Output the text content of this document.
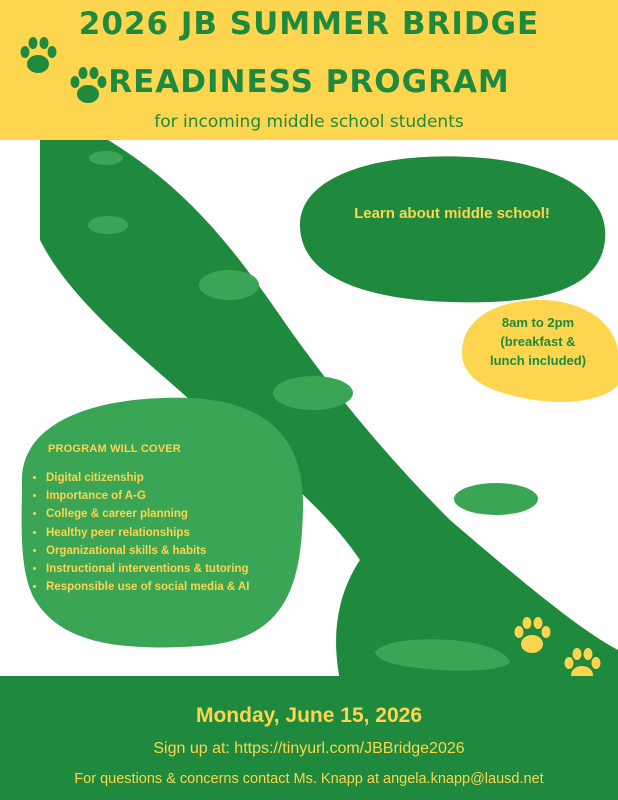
2026 JB SUMMER BRIDGE
READINESS PROGRAM
for incoming middle school students
Learn about middle school!
8am to 2pm
(breakfast &
lunch included)
PROGRAM WILL COVER
• Digital citizenship
• Importance of A-G
• College & career planning
• Healthy peer relationships
• Organizational skills & habits
• Instructional interventions & tutoring
• Responsible use of social media & AI
Monday, June 15, 2026
Sign up at: https://tinyurl.com/JBBridge2026
For questions & concerns contact Ms. Knapp at angela.knapp@lausd.net
